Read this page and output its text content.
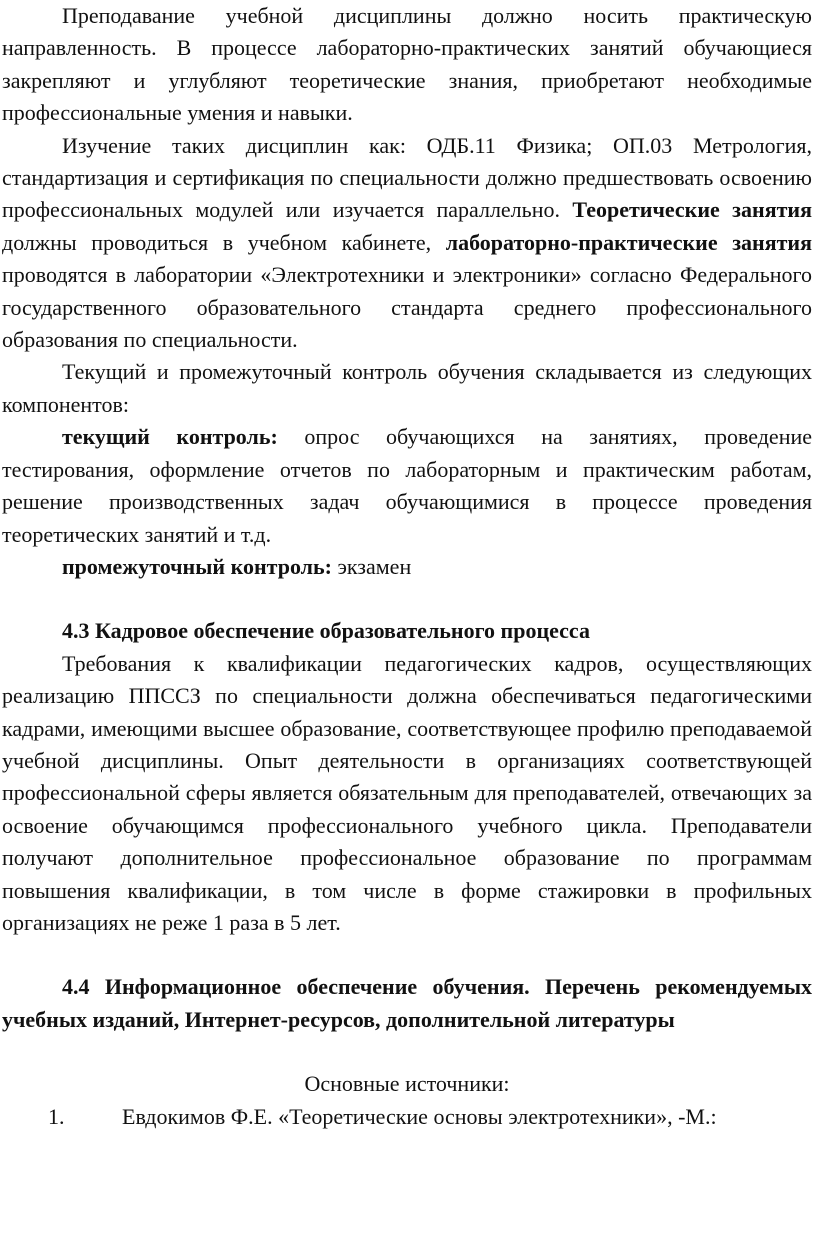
Преподавание учебной дисциплины должно носить практическую направленность. В процессе лабораторно-практических занятий обучающиеся закрепляют и углубляют теоретические знания, приобретают необходимые профессиональные умения и навыки.

Изучение таких дисциплин как: ОДБ.11 Физика; ОП.03 Метрология, стандартизация и сертификация по специальности должно предшествовать освоению профессиональных модулей или изучается параллельно. Теоретические занятия должны проводиться в учебном кабинете, лабораторно-практические занятия проводятся в лаборатории «Электротехники и электроники» согласно Федерального государственного образовательного стандарта среднего профессионального образования по специальности.

Текущий и промежуточный контроль обучения складывается из следующих компонентов:

текущий контроль: опрос обучающихся на занятиях, проведение тестирования, оформление отчетов по лабораторным и практическим работам, решение производственных задач обучающимися в процессе проведения теоретических занятий и т.д.

промежуточный контроль: экзамен

4.3 Кадровое обеспечение образовательного процесса

Требования к квалификации педагогических кадров, осуществляющих реализацию ППССЗ по специальности должна обеспечиваться педагогическими кадрами, имеющими высшее образование, соответствующее профилю преподаваемой учебной дисциплины. Опыт деятельности в организациях соответствующей профессиональной сферы является обязательным для преподавателей, отвечающих за освоение обучающимся профессионального учебного цикла. Преподаватели получают дополнительное профессиональное образование по программам повышения квалификации, в том числе в форме стажировки в профильных организациях не реже 1 раза в 5 лет.

4.4 Информационное обеспечение обучения. Перечень рекомендуемых учебных изданий, Интернет-ресурсов, дополнительной литературы

Основные источники:

1.	Евдокимов Ф.Е. «Теоретические основы электротехники», -М.:
